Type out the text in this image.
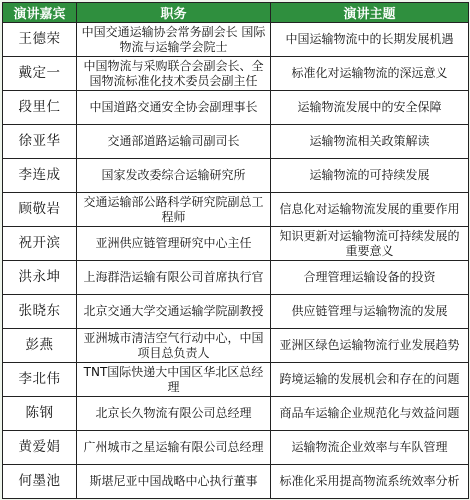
演讲嘉宾	职务	演讲主题
王德荣	中国交通运输协会常务副会长 国际物流与运输学会院士	中国运输物流中的长期发展机遇
戴定一	中国物流与采购联合会副会长、全国物流标准化技术委员会副主任	标准化对运输物流的深远意义
段里仁	中国道路交通安全协会副理事长	运输物流发展中的安全保障
徐亚华	交通部道路运输司副司长	运输物流相关政策解读
李连成	国家发改委综合运输研究所	运输物流的可持续发展
顾敬岩	交通运输部公路科学研究院副总工程师	信息化对运输物流发展的重要作用
祝开滨	亚洲供应链管理研究中心主任	知识更新对运输物流可持续发展的重要意义
洪永坤	上海群浩运输有限公司首席执行官	合理管理运输设备的投资
张晓东	北京交通大学交通运输学院副教授	供应链管理与运输物流的发展
彭燕	亚洲城市清洁空气行动中心，中国项目总负责人	亚洲区绿色运输物流行业发展趋势
李北伟	TNT国际快递大中国区华北区总经理	跨境运输的发展机会和存在的问题
陈钢	北京长久物流有限公司总经理	商品车运输企业规范化与效益问题
黄爱娟	广州城市之星运输有限公司总经理	运输物流企业效率与车队管理
何墨池	斯堪尼亚中国战略中心执行董事	标准化采用提高物流系统效率分析
